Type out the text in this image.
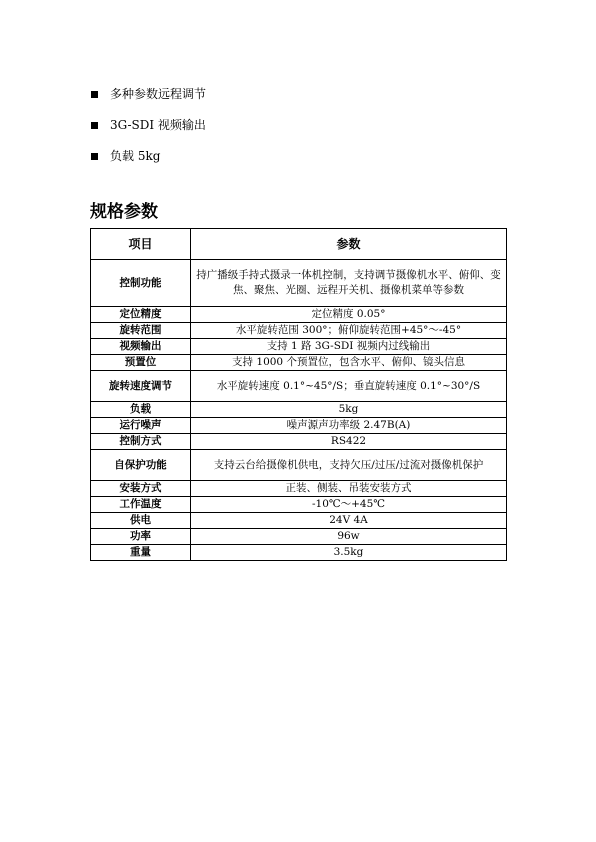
多种参数远程调节
3G-SDI 视频输出
负载 5kg
规格参数
项目	参数
控制功能	持广播级手持式摄录一体机控制，支持调节摄像机水平、俯仰、变焦、聚焦、光圈、远程开关机、摄像机菜单等参数
定位精度	定位精度 0.05°
旋转范围	水平旋转范围 300°；俯仰旋转范围+45°～-45°
视频输出	支持 1 路 3G-SDI 视频内过线输出
预置位	支持 1000 个预置位，包含水平、俯仰、镜头信息
旋转速度调节	水平旋转速度 0.1°~45°/S；垂直旋转速度 0.1°~30°/S
负载	5kg
运行噪声	噪声源声功率级 2.47B(A)
控制方式	RS422
自保护功能	支持云台给摄像机供电，支持欠压/过压/过流对摄像机保护
安装方式	正装、侧装、吊装安装方式
工作温度	-10℃～+45℃
供电	24V 4A
功率	96w
重量	3.5kg
